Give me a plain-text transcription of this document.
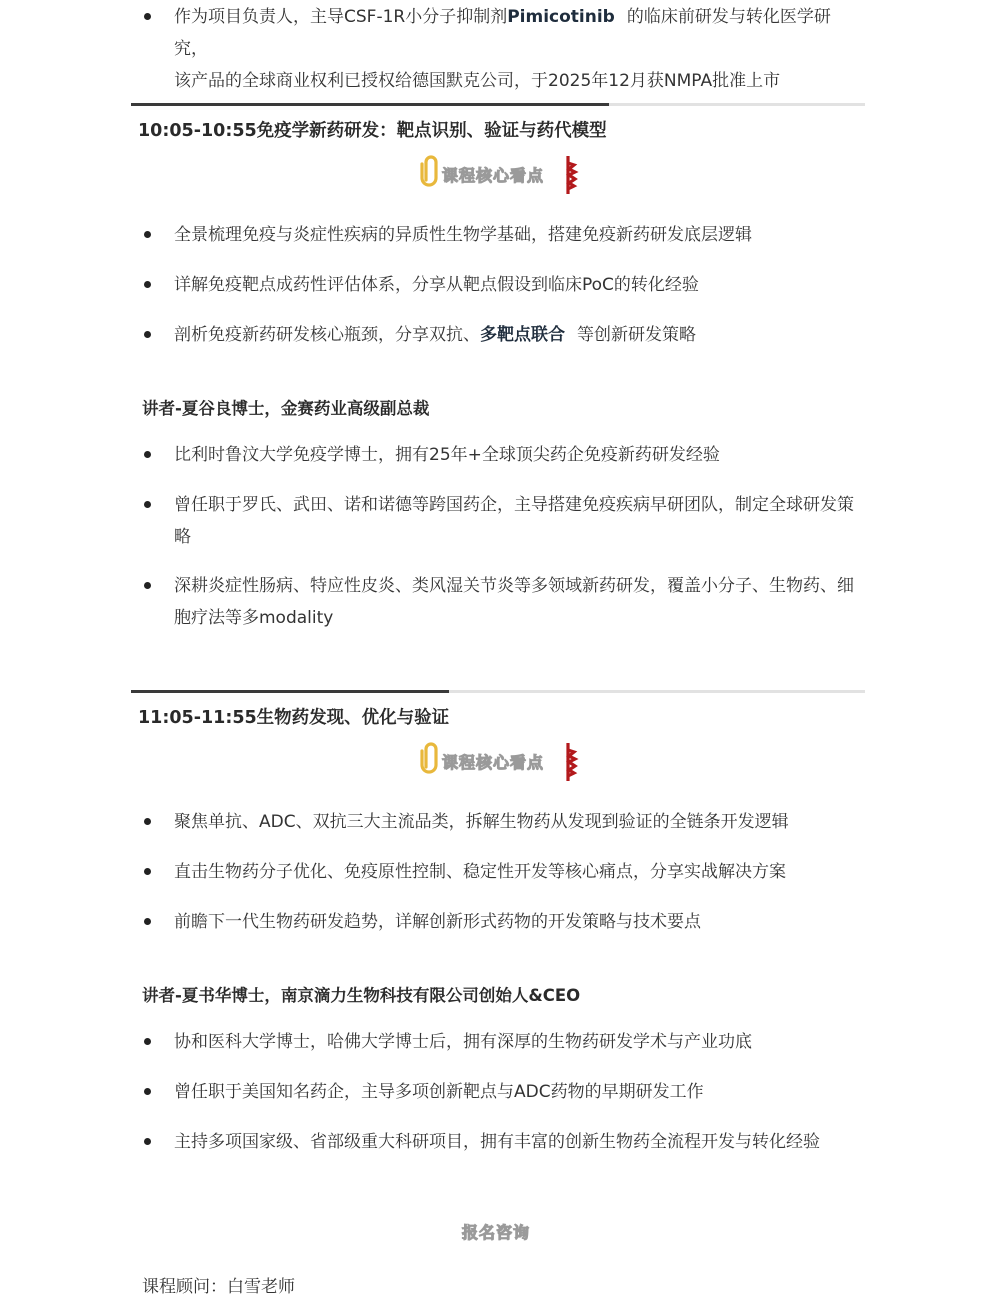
作为项目负责人，主导CSF-1R小分子抑制剂Pimicotinib 的临床前研发与转化医学研究，
该产品的全球商业权利已授权给德国默克公司，于2025年12月获NMPA批准上市
10:05-10:55免疫学新药研发：靶点识别、验证与药代模型
课程核心看点
全景梳理免疫与炎症性疾病的异质性生物学基础，搭建免疫新药研发底层逻辑
详解免疫靶点成药性评估体系，分享从靶点假设到临床PoC的转化经验
剖析免疫新药研发核心瓶颈，分享双抗、多靶点联合 等创新研发策略
讲者-夏谷良博士，金赛药业高级副总裁
比利时鲁汶大学免疫学博士，拥有25年+全球顶尖药企免疫新药研发经验
曾任职于罗氏、武田、诺和诺德等跨国药企，主导搭建免疫疾病早研团队，制定全球研发策
略
深耕炎症性肠病、特应性皮炎、类风湿关节炎等多领域新药研发，覆盖小分子、生物药、细
胞疗法等多modality
11:05-11:55生物药发现、优化与验证
课程核心看点
聚焦单抗、ADC、双抗三大主流品类，拆解生物药从发现到验证的全链条开发逻辑
直击生物药分子优化、免疫原性控制、稳定性开发等核心痛点，分享实战解决方案
前瞻下一代生物药研发趋势，详解创新形式药物的开发策略与技术要点
讲者-夏书华博士，南京滴力生物科技有限公司创始人&CEO
协和医科大学博士，哈佛大学博士后，拥有深厚的生物药研发学术与产业功底
曾任职于美国知名药企，主导多项创新靶点与ADC药物的早期研发工作
主持多项国家级、省部级重大科研项目，拥有丰富的创新生物药全流程开发与转化经验
报名咨询
课程顾问：白雪老师
